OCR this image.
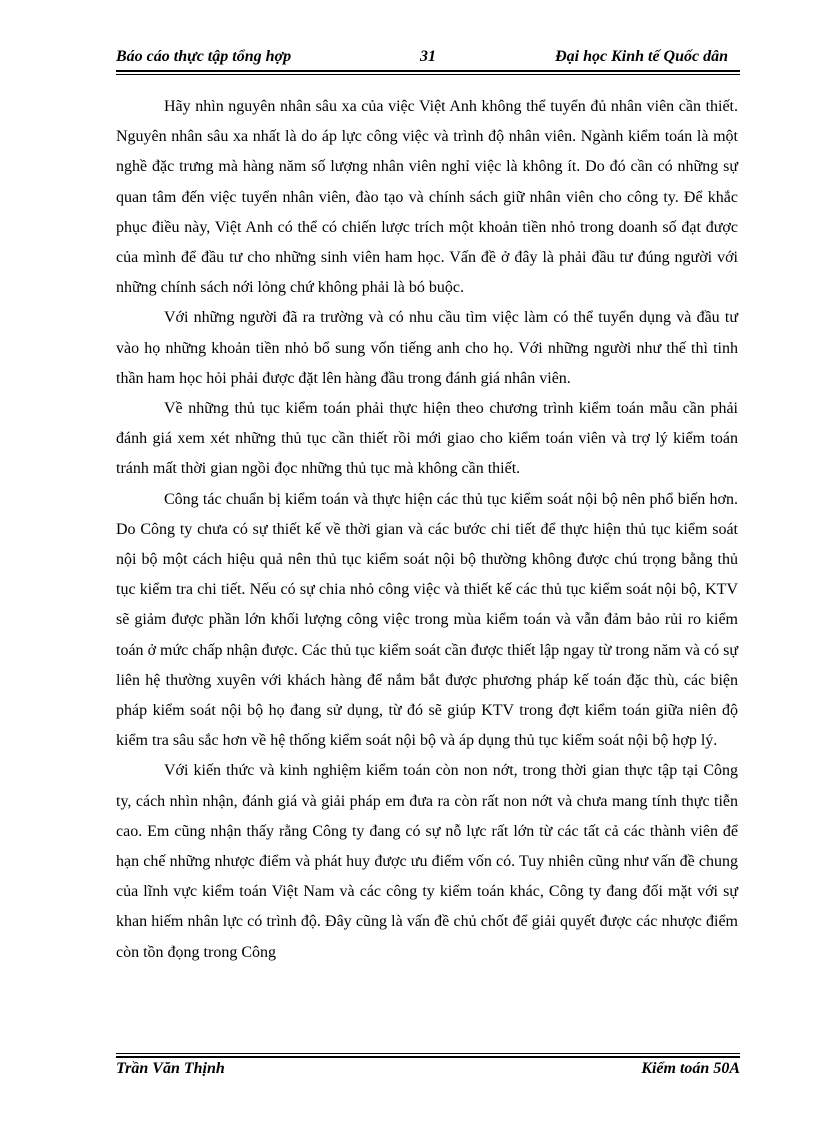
Báo cáo thực tập tổng hợp	31	Đại học Kinh tế Quốc dân

Hãy nhìn nguyên nhân sâu xa của việc Việt Anh không thể tuyển đủ nhân viên cần thiết. Nguyên nhân sâu xa nhất là do áp lực công việc và trình độ nhân viên. Ngành kiểm toán là một nghề đặc trưng mà hàng năm số lượng nhân viên nghỉ việc là không ít. Do đó cần có những sự quan tâm đến việc tuyển nhân viên, đào tạo và chính sách giữ nhân viên cho công ty. Để khắc phục điều này, Việt Anh có thể có chiến lược trích một khoản tiền nhỏ trong doanh số đạt được của mình để đầu tư cho những sinh viên ham học. Vấn đề ở đây là phải đầu tư đúng người với những chính sách nới lỏng chứ không phải là bó buộc.

Với những người đã ra trường và có nhu cầu tìm việc làm có thể tuyển dụng và đầu tư vào họ những khoản tiền nhỏ bổ sung vốn tiếng anh cho họ. Với những người như thế thì tinh thần ham học hỏi phải được đặt lên hàng đầu trong đánh giá nhân viên.

Về những thủ tục kiểm toán phải thực hiện theo chương trình kiểm toán mẫu cần phải đánh giá xem xét những thủ tục cần thiết rồi mới giao cho kiểm toán viên và trợ lý kiểm toán tránh mất thời gian ngồi đọc những thủ tục mà không cần thiết.

Công tác chuẩn bị kiểm toán và thực hiện các thủ tục kiểm soát nội bộ nên phổ biến hơn. Do Công ty chưa có sự thiết kế về thời gian và các bước chi tiết để thực hiện thủ tục kiểm soát nội bộ một cách hiệu quả nên thủ tục kiểm soát nội bộ thường không được chú trọng bằng thủ tục kiểm tra chi tiết. Nếu có sự chia nhỏ công việc và thiết kế các thủ tục kiểm soát nội bộ, KTV sẽ giảm được phần lớn khối lượng công việc trong mùa kiểm toán và vẫn đảm bảo rủi ro kiểm toán ở mức chấp nhận được. Các thủ tục kiểm soát cần được thiết lập ngay từ trong năm và có sự liên hệ thường xuyên với khách hàng để nắm bắt được phương pháp kế toán đặc thù, các biện pháp kiểm soát nội bộ họ đang sử dụng, từ đó sẽ giúp KTV trong đợt kiểm toán giữa niên độ kiểm tra sâu sắc hơn về hệ thống kiểm soát nội bộ và áp dụng thủ tục kiểm soát nội bộ hợp lý.

Với kiến thức và kinh nghiệm kiểm toán còn non nớt, trong thời gian thực tập tại Công ty, cách nhìn nhận, đánh giá và giải pháp em đưa ra còn rất non nớt và chưa mang tính thực tiễn cao. Em cũng nhận thấy rằng Công ty đang có sự nỗ lực rất lớn từ các tất cả các thành viên để hạn chế những nhược điểm và phát huy được ưu điểm vốn có. Tuy nhiên cũng như vấn đề chung của lĩnh vực kiểm toán Việt Nam và các công ty kiểm toán khác, Công ty đang đối mặt với sự khan hiếm nhân lực có trình độ. Đây cũng là vấn đề chủ chốt để giải quyết được các nhược điểm còn tồn đọng trong Công

Trần Văn Thịnh	Kiểm toán 50A
